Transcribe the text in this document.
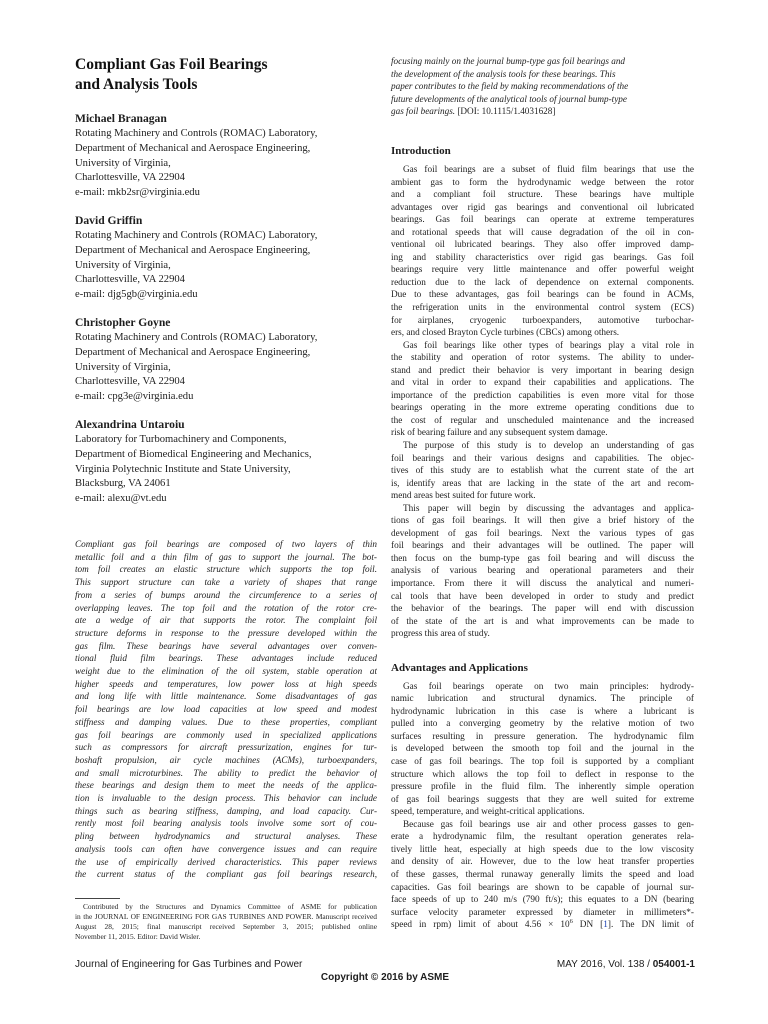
Compliant Gas Foil Bearings
and Analysis Tools
Michael Branagan
Rotating Machinery and Controls (ROMAC) Laboratory,
Department of Mechanical and Aerospace Engineering,
University of Virginia,
Charlottesville, VA 22904
e-mail: mkb2sr@virginia.edu
David Griffin
Rotating Machinery and Controls (ROMAC) Laboratory,
Department of Mechanical and Aerospace Engineering,
University of Virginia,
Charlottesville, VA 22904
e-mail: djg5gb@virginia.edu
Christopher Goyne
Rotating Machinery and Controls (ROMAC) Laboratory,
Department of Mechanical and Aerospace Engineering,
University of Virginia,
Charlottesville, VA 22904
e-mail: cpg3e@virginia.edu
Alexandrina Untaroiu
Laboratory for Turbomachinery and Components,
Department of Biomedical Engineering and Mechanics,
Virginia Polytechnic Institute and State University,
Blacksburg, VA 24061
e-mail: alexu@vt.edu
Compliant gas foil bearings are composed of two layers of thin
metallic foil and a thin film of gas to support the journal. The bot-
tom foil creates an elastic structure which supports the top foil.
This support structure can take a variety of shapes that range
from a series of bumps around the circumference to a series of
overlapping leaves. The top foil and the rotation of the rotor cre-
ate a wedge of air that supports the rotor. The complaint foil
structure deforms in response to the pressure developed within the
gas film. These bearings have several advantages over conven-
tional fluid film bearings. These advantages include reduced
weight due to the elimination of the oil system, stable operation at
higher speeds and temperatures, low power loss at high speeds
and long life with little maintenance. Some disadvantages of gas
foil bearings are low load capacities at low speed and modest
stiffness and damping values. Due to these properties, compliant
gas foil bearings are commonly used in specialized applications
such as compressors for aircraft pressurization, engines for tur-
boshaft propulsion, air cycle machines (ACMs), turboexpanders,
and small microturbines. The ability to predict the behavior of
these bearings and design them to meet the needs of the applica-
tion is invaluable to the design process. This behavior can include
things such as bearing stiffness, damping, and load capacity. Cur-
rently most foil bearing analysis tools involve some sort of cou-
pling between hydrodynamics and structural analyses. These
analysis tools can often have convergence issues and can require
the use of empirically derived characteristics. This paper reviews
the current status of the compliant gas foil bearings research,
Contributed by the Structures and Dynamics Committee of ASME for publication
in the JOURNAL OF ENGINEERING FOR GAS TURBINES AND POWER. Manuscript received
August 28, 2015; final manuscript received September 3, 2015; published online
November 11, 2015. Editor: David Wisler.
focusing mainly on the journal bump-type gas foil bearings and
the development of the analysis tools for these bearings. This
paper contributes to the field by making recommendations of the
future developments of the analytical tools of journal bump-type
gas foil bearings. [DOI: 10.1115/1.4031628]
Introduction
Gas foil bearings are a subset of fluid film bearings that use the
ambient gas to form the hydrodynamic wedge between the rotor
and a compliant foil structure. These bearings have multiple
advantages over rigid gas bearings and conventional oil lubricated
bearings. Gas foil bearings can operate at extreme temperatures
and rotational speeds that will cause degradation of the oil in con-
ventional oil lubricated bearings. They also offer improved damp-
ing and stability characteristics over rigid gas bearings. Gas foil
bearings require very little maintenance and offer powerful weight
reduction due to the lack of dependence on external components.
Due to these advantages, gas foil bearings can be found in ACMs,
the refrigeration units in the environmental control system (ECS)
for airplanes, cryogenic turboexpanders, automotive turbochar-
ers, and closed Brayton Cycle turbines (CBCs) among others.
Gas foil bearings like other types of bearings play a vital role in
the stability and operation of rotor systems. The ability to under-
stand and predict their behavior is very important in bearing design
and vital in order to expand their capabilities and applications. The
importance of the prediction capabilities is even more vital for those
bearings operating in the more extreme operating conditions due to
the cost of regular and unscheduled maintenance and the increased
risk of bearing failure and any subsequent system damage.
The purpose of this study is to develop an understanding of gas
foil bearings and their various designs and capabilities. The objec-
tives of this study are to establish what the current state of the art
is, identify areas that are lacking in the state of the art and recom-
mend areas best suited for future work.
This paper will begin by discussing the advantages and applica-
tions of gas foil bearings. It will then give a brief history of the
development of gas foil bearings. Next the various types of gas
foil bearings and their advantages will be outlined. The paper will
then focus on the bump-type gas foil bearing and will discuss the
analysis of various bearing and operational parameters and their
importance. From there it will discuss the analytical and numeri-
cal tools that have been developed in order to study and predict
the behavior of the bearings. The paper will end with discussion
of the state of the art is and what improvements can be made to
progress this area of study.
Advantages and Applications
Gas foil bearings operate on two main principles: hydrody-
namic lubrication and structural dynamics. The principle of
hydrodynamic lubrication in this case is where a lubricant is
pulled into a converging geometry by the relative motion of two
surfaces resulting in pressure generation. The hydrodynamic film
is developed between the smooth top foil and the journal in the
case of gas foil bearings. The top foil is supported by a compliant
structure which allows the top foil to deflect in response to the
pressure profile in the fluid film. The inherently simple operation
of gas foil bearings suggests that they are well suited for extreme
speed, temperature, and weight-critical applications.
Because gas foil bearings use air and other process gasses to gen-
erate a hydrodynamic film, the resultant operation generates rela-
tively little heat, especially at high speeds due to the low viscosity
and density of air. However, due to the low heat transfer properties
of these gasses, thermal runaway generally limits the speed and load
capacities. Gas foil bearings are shown to be capable of journal sur-
face speeds of up to 240 m/s (790 ft/s); this equates to a DN (bearing
surface velocity parameter expressed by diameter in millimeters*-
speed in rpm) limit of about $4.56 \times 10^6$ DN [1]. The DN limit of
Journal of Engineering for Gas Turbines and Power	MAY 2016, Vol. 138 / 054001-1
Copyright © 2016 by ASME
